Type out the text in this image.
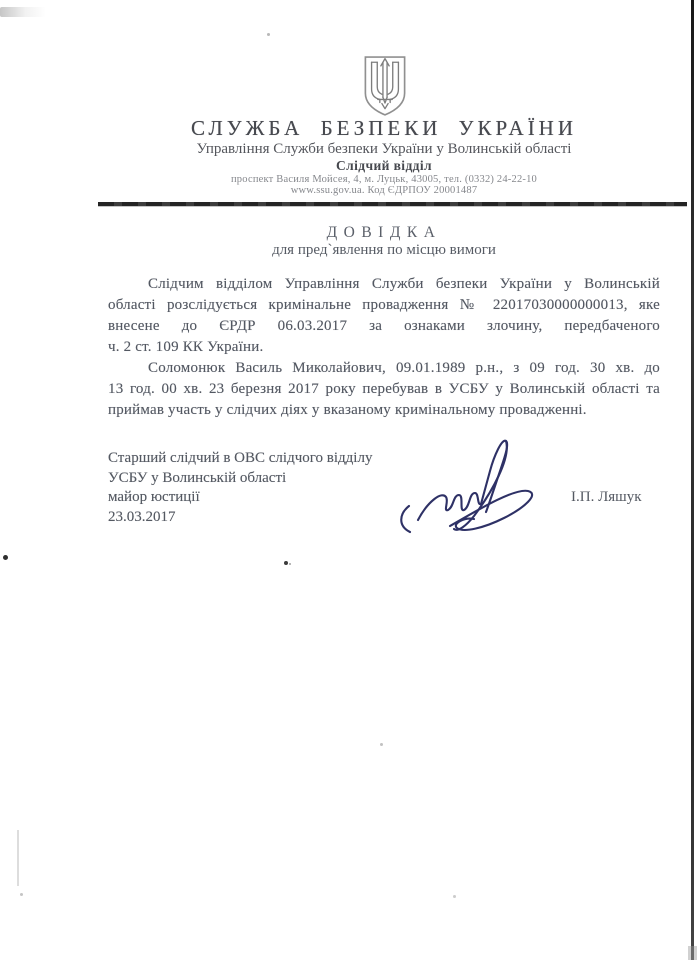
СЛУЖБА БЕЗПЕКИ УКРАЇНИ
Управління Служби безпеки України у Волинській області
Слідчий відділ
проспект Василя Мойсея, 4, м. Луцьк, 43005, тел. (0332) 24-22-10
www.ssu.gov.ua. Код ЄДРПОУ 20001487
ДОВІДКА
для пред`явлення по місцю вимоги
Слідчим відділом Управління Служби безпеки України у Волинській
області розслідується кримінальне провадження № 22017030000000013, яке
внесене до ЄРДР 06.03.2017 за ознаками злочину, передбаченого
ч. 2 ст. 109 КК України.
Соломонюк Василь Миколайович, 09.01.1989 р.н., з 09 год. 30 хв. до
13 год. 00 хв. 23 березня 2017 року перебував в УСБУ у Волинській області та
приймав участь у слідчих діях у вказаному кримінальному провадженні.
Старший слідчий в ОВС слідчого відділу
УСБУ у Волинській області
майор юстиції
23.03.2017
І.П. Ляшук
